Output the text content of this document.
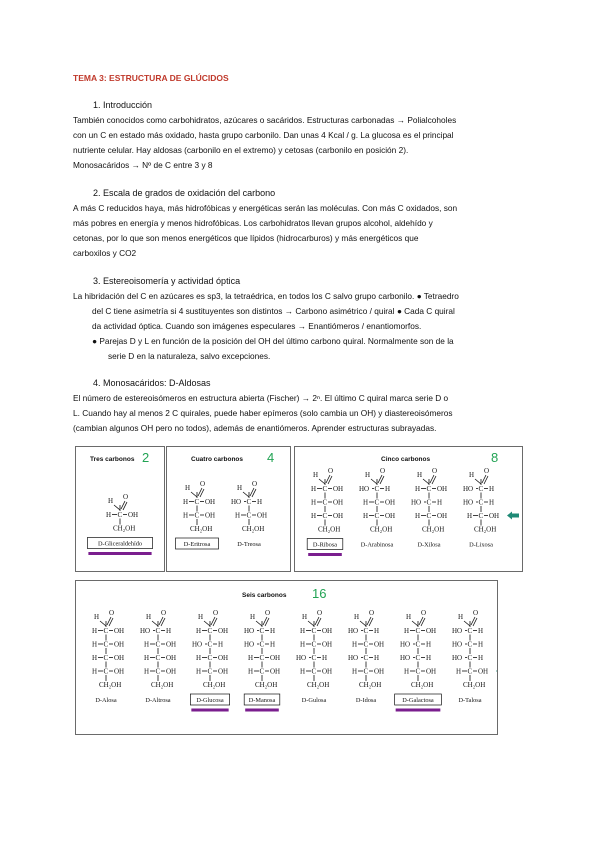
TEMA 3: ESTRUCTURA DE GLÚCIDOS
1. Introducción

También conocidos como carbohidratos, azúcares o sacáridos. Estructuras carbonadas → Polialcoholes

con un C en estado más oxidado, hasta grupo carbonilo. Dan unas 4 Kcal / g. La glucosa es el principal

nutriente celular. Hay aldosas (carbonilo en el extremo) y cetosas (carbonilo en posición 2).

Monosacáridos → Nº de C entre 3 y 8

2. Escala de grados de oxidación del carbono

A más C reducidos haya, más hidrofóbicas y energéticas serán las moléculas. Con más C oxidados, son

más pobres en energía y menos hidrofóbicas. Los carbohidratos llevan grupos alcohol, aldehído y

cetonas, por lo que son menos energéticos que lípidos (hidrocarburos) y más energéticos que

carboxilos y CO2

3. Estereoisomería y actividad óptica

La hibridación del C en azúcares es sp3, la tetraédrica, en todos los C salvo grupo carbonilo. ● Tetraedro

del C tiene asimetría si 4 sustituyentes son distintos → Carbono asimétrico / quiral ● Cada C quiral

da actividad óptica. Cuando son imágenes especulares → Enantiómeros / enantiomorfos.

● Parejas D y L en función de la posición del OH del último carbono quiral. Normalmente son de la

serie D en la naturaleza, salvo excepciones.

4. Monosacáridos: D-Aldosas

El número de estereoisómeros en estructura abierta (Fischer) → 2ⁿ. El último C quiral marca serie D o

L. Cuando hay al menos 2 C quirales, puede haber epímeros (solo cambia un OH) y diastereoisómeros

(cambian algunos OH pero no todos), además de enantiómeros. Aprender estructuras subrayadas.

Tres carbonos 2
H O
C
H OH
CH₂OH
D-Gliceraldehído
Cuatro carbonos 4
H O
C
H OH
C
H OH
CH₂OH
D-Eritrosa
H O
C
HO H
C
H OH
CH₂OH
D-Treosa
Cinco carbonos	8
H O
C
H OH
C
H OH
C
H OH
CH₂OH
D-Ribosa
H O
C
HO H
C
H OH
C
H OH
CH₂OH
D-Arabinosa
H O
C
H OH
C
HO H
C
H OH
CH₂OH
D-Xilosa
H O
C
HO H
C
HO H
C
H OH
CH₂OH
D-Lixosa
Seis carbonos 16
H O
C
H OH
C
H OH
C
H OH
C
H OH
CH₂OH
D-Alosa
H O
C
HO H
C
H OH
C
H OH
C
H OH
CH₂OH
D-Altrosa
H O
C
H OH
C
HO H
C
H OH
C
H OH
CH₂OH
D-Glucosa
H O
C
HO H
C
HO H
C
H OH
C
H OH
CH₂OH
D-Manosa
H O
C
H OH
C
H OH
C
HO H
C
H OH
CH₂OH
D-Gulosa
H O
C
HO H
C
H OH
C
HO H
C
H OH
CH₂OH
D-Idosa
H O
C
H OH
C
HO H
C
HO H
C
H OH
CH₂OH
D-Galactosa
H O
C
HO H
C
HO H
C
HO H
C
H OH
CH₂OH
D-Talosa
